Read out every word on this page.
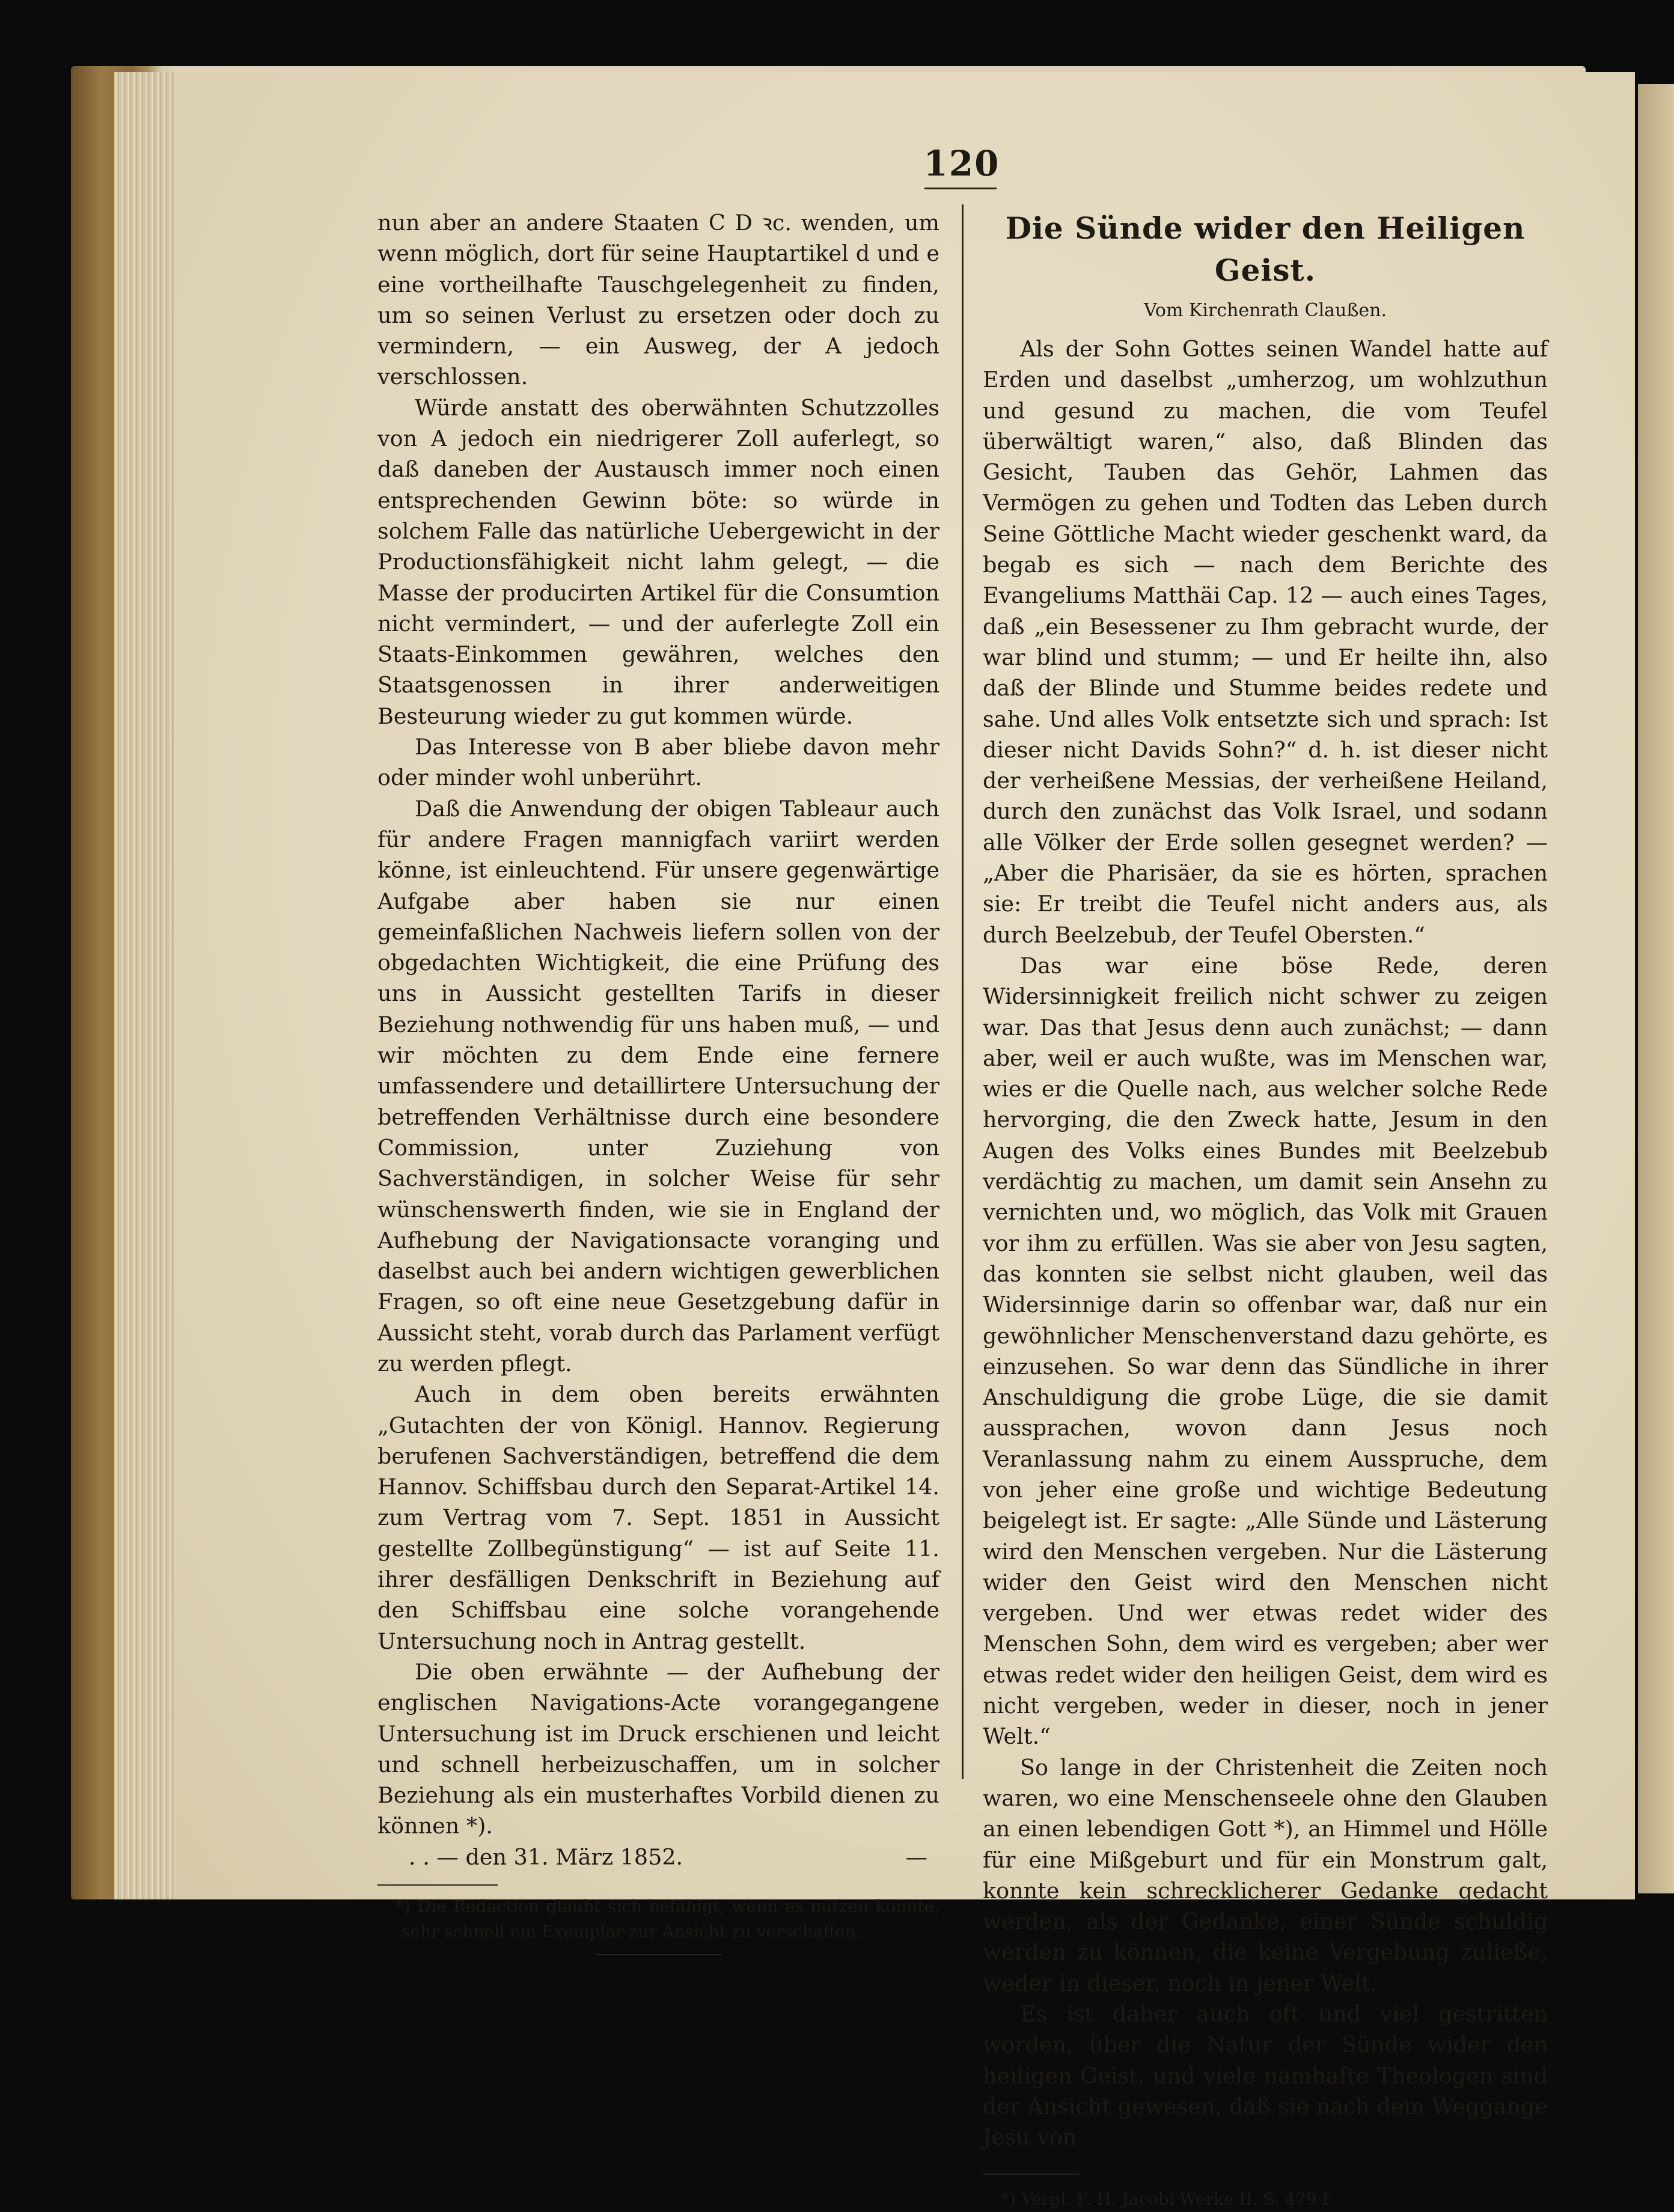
120

nun aber an andere Staaten C D ꝛc. wenden, um wenn möglich, dort für seine Hauptartikel d und e eine vortheilhafte Tauschgelegenheit zu finden, um so seinen Verlust zu ersetzen oder doch zu vermindern, — ein Ausweg, der A jedoch verschlossen.

Würde anstatt des oberwähnten Schutzzolles von A jedoch ein niedrigerer Zoll auferlegt, so daß daneben der Austausch immer noch einen entsprechenden Gewinn böte: so würde in solchem Falle das natürliche Uebergewicht in der Productionsfähigkeit nicht lahm gelegt, — die Masse der producirten Artikel für die Consumtion nicht vermindert, — und der auferlegte Zoll ein Staats-Einkommen gewähren, welches den Staatsgenossen in ihrer anderweitigen Besteurung wieder zu gut kommen würde.

Das Interesse von B aber bliebe davon mehr oder minder wohl unberührt.

Daß die Anwendung der obigen Tableaur auch für andere Fragen mannigfach variirt werden könne, ist einleuchtend. Für unsere gegenwärtige Aufgabe aber haben sie nur einen gemeinfaßlichen Nachweis liefern sollen von der obgedachten Wichtigkeit, die eine Prüfung des uns in Aussicht gestellten Tarifs in dieser Beziehung nothwendig für uns haben muß, — und wir möchten zu dem Ende eine fernere umfassendere und detaillirtere Untersuchung der betreffenden Verhältnisse durch eine besondere Commission, unter Zuziehung von Sachverständigen, in solcher Weise für sehr wünschenswerth finden, wie sie in England der Aufhebung der Navigationsacte voranging und daselbst auch bei andern wichtigen gewerblichen Fragen, so oft eine neue Gesetzgebung dafür in Aussicht steht, vorab durch das Parlament verfügt zu werden pflegt.

Auch in dem oben bereits erwähnten „Gutachten der von Königl. Hannov. Regierung berufenen Sachverständigen, betreffend die dem Hannov. Schiffsbau durch den Separat-Artikel 14. zum Vertrag vom 7. Sept. 1851 in Aussicht gestellte Zollbegünstigung“ — ist auf Seite 11. ihrer desfälligen Denkschrift in Beziehung auf den Schiffsbau eine solche vorangehende Untersuchung noch in Antrag gestellt.

Die oben erwähnte — der Aufhebung der englischen Navigations-Acte vorangegangene Untersuchung ist im Druck erschienen und leicht und schnell herbeizuschaffen, um in solcher Beziehung als ein musterhaftes Vorbild dienen zu können *).

. . — den 31. März 1852.	—

*) Die Redaction glaubt sich befähigt, wenn es nützen könnte, sehr schnell ein Exemplar zur Ansicht zu verschaffen.

Die Sünde wider den Heiligen Geist.
Vom Kirchenrath Claußen.

Als der Sohn Gottes seinen Wandel hatte auf Erden und daselbst „umherzog, um wohlzuthun und gesund zu machen, die vom Teufel überwältigt waren,“ also, daß Blinden das Gesicht, Tauben das Gehör, Lahmen das Vermögen zu gehen und Todten das Leben durch Seine Göttliche Macht wieder geschenkt ward, da begab es sich — nach dem Berichte des Evangeliums Matthäi Cap. 12 — auch eines Tages, daß „ein Besessener zu Ihm gebracht wurde, der war blind und stumm; — und Er heilte ihn, also daß der Blinde und Stumme beides redete und sahe. Und alles Volk entsetzte sich und sprach: Ist dieser nicht Davids Sohn?“ d. h. ist dieser nicht der verheißene Messias, der verheißene Heiland, durch den zunächst das Volk Israel, und sodann alle Völker der Erde sollen gesegnet werden? — „Aber die Pharisäer, da sie es hörten, sprachen sie: Er treibt die Teufel nicht anders aus, als durch Beelzebub, der Teufel Obersten.“

Das war eine böse Rede, deren Widersinnigkeit freilich nicht schwer zu zeigen war. Das that Jesus denn auch zunächst; — dann aber, weil er auch wußte, was im Menschen war, wies er die Quelle nach, aus welcher solche Rede hervorging, die den Zweck hatte, Jesum in den Augen des Volks eines Bundes mit Beelzebub verdächtig zu machen, um damit sein Ansehn zu vernichten und, wo möglich, das Volk mit Grauen vor ihm zu erfüllen. Was sie aber von Jesu sagten, das konnten sie selbst nicht glauben, weil das Widersinnige darin so offenbar war, daß nur ein gewöhnlicher Menschenverstand dazu gehörte, es einzusehen. So war denn das Sündliche in ihrer Anschuldigung die grobe Lüge, die sie damit aussprachen, wovon dann Jesus noch Veranlassung nahm zu einem Ausspruche, dem von jeher eine große und wichtige Bedeutung beigelegt ist. Er sagte: „Alle Sünde und Lästerung wird den Menschen vergeben. Nur die Lästerung wider den Geist wird den Menschen nicht vergeben. Und wer etwas redet wider des Menschen Sohn, dem wird es vergeben; aber wer etwas redet wider den heiligen Geist, dem wird es nicht vergeben, weder in dieser, noch in jener Welt.“

So lange in der Christenheit die Zeiten noch waren, wo eine Menschenseele ohne den Glauben an einen lebendigen Gott *), an Himmel und Hölle für eine Mißgeburt und für ein Monstrum galt, konnte kein schrecklicherer Gedanke gedacht werden, als der Gedanke, einer Sünde schuldig werden zu können, die keine Vergebung zuließe, weder in dieser, noch in jener Welt.

Es ist daher auch oft und viel gestritten worden, über die Natur der Sünde wider den heiligen Geist, und viele namhafte Theologen sind der Ansicht gewesen, daß sie nach dem Weggange Jesu von

*) Vergl. F. H. Jacobi Werke II. S. 479 f.
